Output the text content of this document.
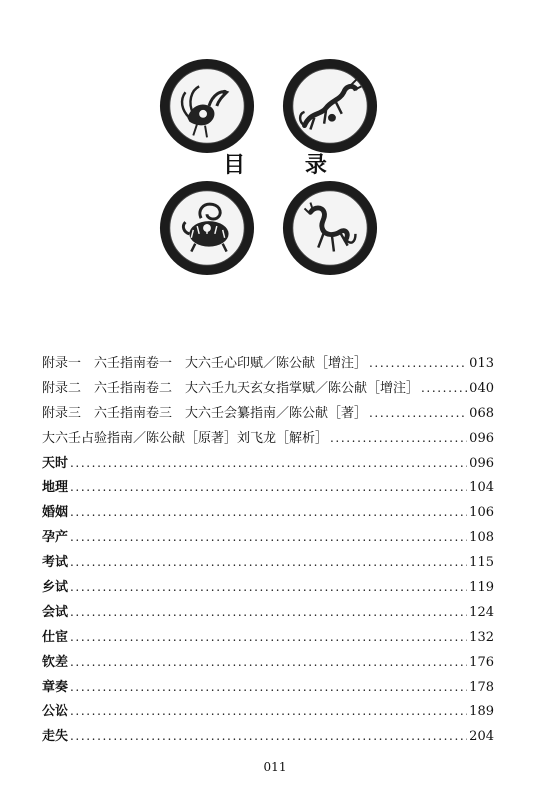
目 录
附录一　六壬指南卷一　大六壬心印赋／陈公献［增注］ .....	013
附录二　六壬指南卷二　大六壬九天玄女指掌赋／陈公献［增注］ .....	040
附录三　六壬指南卷三　大六壬会纂指南／陈公献［著］ .....	068
大六壬占验指南／陈公献［原著］刘飞龙［解析］ .....	096
天时 .....	096
地理 .....	104
婚姻 .....	106
孕产 .....	108
考试 .....	115
乡试 .....	119
会试 .....	124
仕宦 .....	132
钦差 .....	176
章奏 .....	178
公讼 .....	189
走失 .....	204
011
